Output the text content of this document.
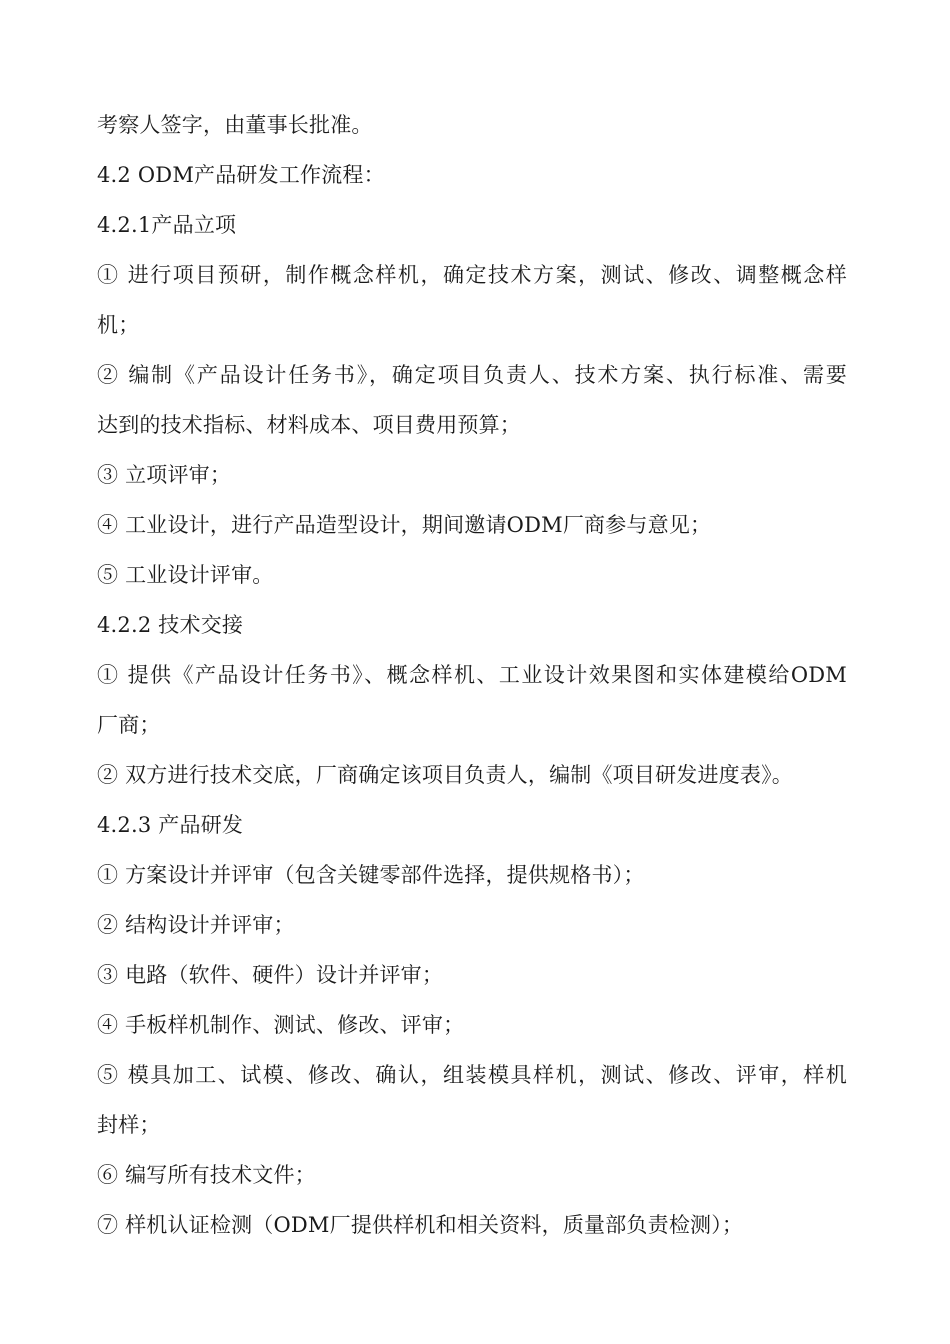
考察人签字，由董事长批准。
4.2 ODM产品研发工作流程：
4.2.1产品立项
① 进行项目预研，制作概念样机，确定技术方案，测试、修改、调整概念样
机；
② 编制《产品设计任务书》，确定项目负责人、技术方案、执行标准、需要
达到的技术指标、材料成本、项目费用预算；
③ 立项评审；
④ 工业设计，进行产品造型设计，期间邀请ODM厂商参与意见；
⑤ 工业设计评审。
4.2.2 技术交接
① 提供《产品设计任务书》、概念样机、工业设计效果图和实体建模给ODM
厂商；
② 双方进行技术交底，厂商确定该项目负责人，编制《项目研发进度表》。
4.2.3 产品研发
① 方案设计并评审（包含关键零部件选择，提供规格书）；
② 结构设计并评审；
③ 电路（软件、硬件）设计并评审；
④ 手板样机制作、测试、修改、评审；
⑤ 模具加工、试模、修改、确认，组装模具样机，测试、修改、评审，样机
封样；
⑥ 编写所有技术文件；
⑦ 样机认证检测（ODM厂提供样机和相关资料，质量部负责检测）；
